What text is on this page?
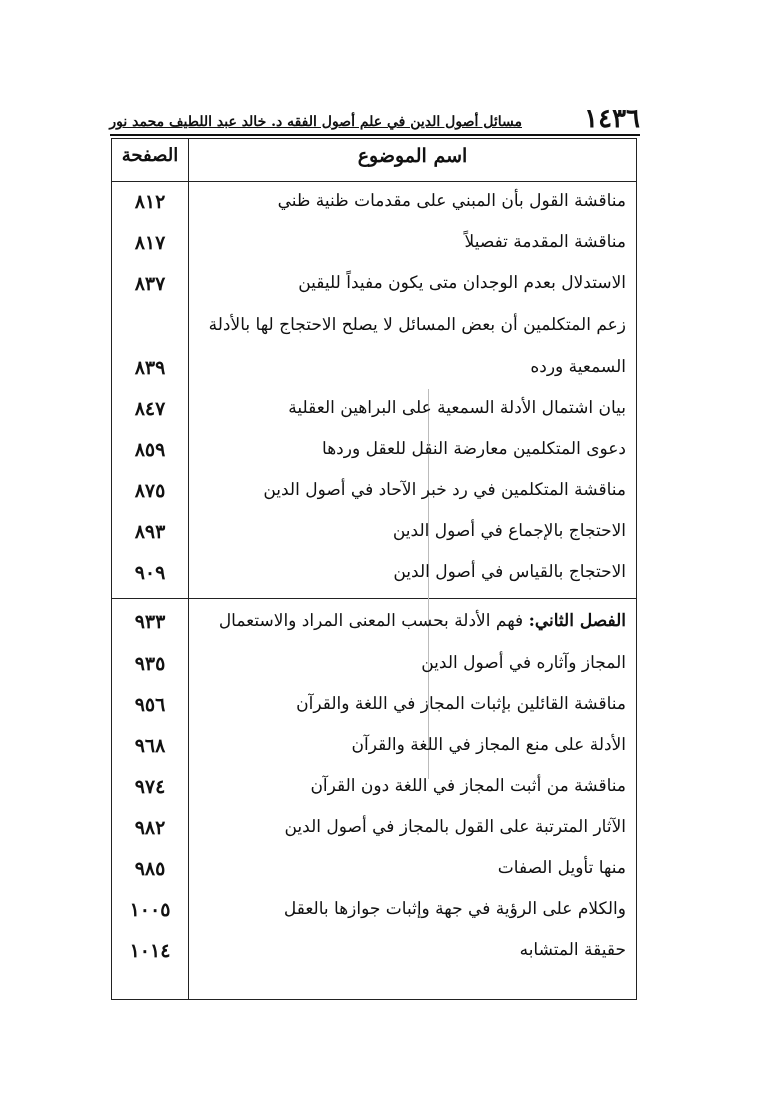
١٤٣٦
مسائل أصول الدين في علم أصول الفقه د. خالد عبد اللطيف محمد نور
الصفحة	اسم الموضوع
٨١٢	مناقشة القول بأن المبني على مقدمات ظنية ظني
٨١٧	مناقشة المقدمة تفصيلاً
٨٣٧	الاستدلال بعدم الوجدان متى يكون مفيداً لليقين
زعم المتكلمين أن بعض المسائل لا يصلح الاحتجاج لها بالأدلة
٨٣٩	السمعية ورده
٨٤٧	بيان اشتمال الأدلة السمعية على البراهين العقلية
٨٥٩	دعوى المتكلمين معارضة النقل للعقل وردها
٨٧٥	مناقشة المتكلمين في رد خبر الآحاد في أصول الدين
٨٩٣	الاحتجاج بالإجماع في أصول الدين
٩٠٩	الاحتجاج بالقياس في أصول الدين
٩٣٣	الفصل الثاني: فهم الأدلة بحسب المعنى المراد والاستعمال
٩٣٥	المجاز وآثاره في أصول الدين
٩٥٦	مناقشة القائلين بإثبات المجاز في اللغة والقرآن
٩٦٨	الأدلة على منع المجاز في اللغة والقرآن
٩٧٤	مناقشة من أثبت المجاز في اللغة دون القرآن
٩٨٢	الآثار المترتبة على القول بالمجاز في أصول الدين
٩٨٥	منها تأويل الصفات
١٠٠٥	والكلام على الرؤية في جهة وإثبات جوازها بالعقل
١٠١٤	حقيقة المتشابه
